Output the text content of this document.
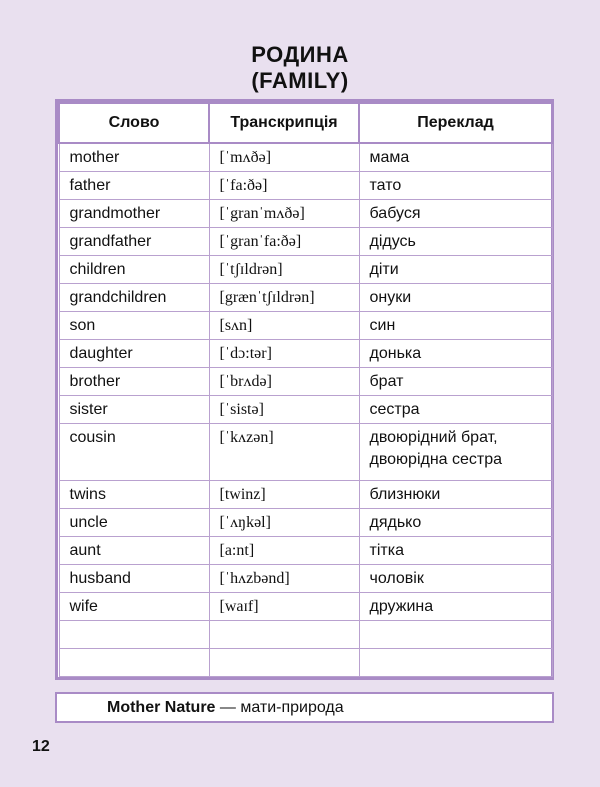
РОДИНА
(FAMILY)
Слово	Транскрипція	Переклад
mother	[ˈmʌðə]	мама
father	[ˈfa:ðə]	тато
grandmother	[ˈgranˈmʌðə]	бабуся
grandfather	[ˈgranˈfa:ðə]	дідусь
children	[ˈtʃɪldrən]	діти
grandchildren	[grænˈtʃɪldrən]	онуки
son	[sʌn]	син
daughter	[ˈdɔ:tər]	донька
brother	[ˈbrʌdə]	брат
sister	[ˈsistə]	сестра
cousin	[ˈkʌzən]	двоюрідний брат,
двоюрідна сестра

twins	[twinz]	близнюки
uncle	[ˈʌŋkəl]	дядько
aunt	[a:nt]	тітка
husband	[ˈhʌzbənd]	чоловік
wife	[waɪf]	дружина

Mother Nature — мати-природа
12
